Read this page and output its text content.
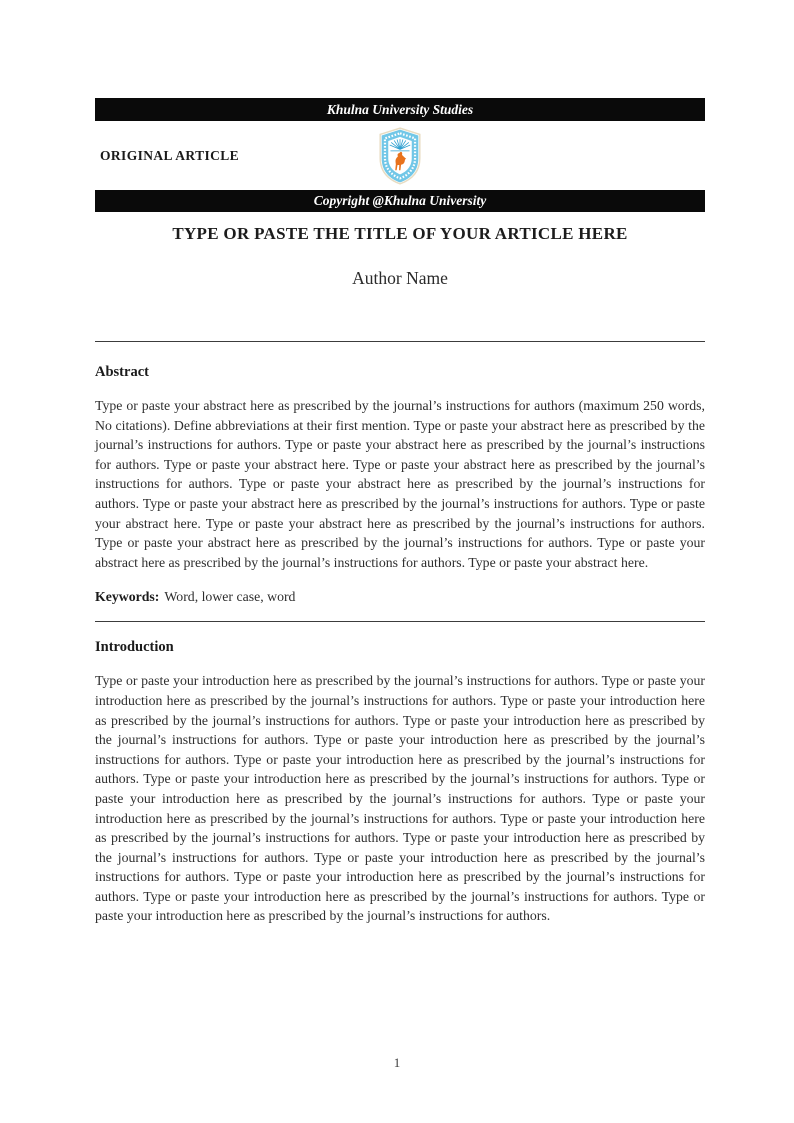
Khulna University Studies
ORIGINAL ARTICLE
Copyright @Khulna University
TYPE OR PASTE THE TITLE OF YOUR ARTICLE HERE
Author Name
Abstract

Type or paste your abstract here as prescribed by the journal’s instructions for authors (maximum 250 words, No citations). Define abbreviations at their first mention. Type or paste your abstract here as prescribed by the journal’s instructions for authors. Type or paste your abstract here as prescribed by the journal’s instructions for authors. Type or paste your abstract here. Type or paste your abstract here as prescribed by the journal’s instructions for authors. Type or paste your abstract here as prescribed by the journal’s instructions for authors. Type or paste your abstract here as prescribed by the journal’s instructions for authors. Type or paste your abstract here. Type or paste your abstract here as prescribed by the journal’s instructions for authors. Type or paste your abstract here as prescribed by the journal’s instructions for authors. Type or paste your abstract here as prescribed by the journal’s instructions for authors. Type or paste your abstract here.

Keywords: Word, lower case, word

Introduction

Type or paste your introduction here as prescribed by the journal’s instructions for authors. Type or paste your introduction here as prescribed by the journal’s instructions for authors. Type or paste your introduction here as prescribed by the journal’s instructions for authors. Type or paste your introduction here as prescribed by the journal’s instructions for authors. Type or paste your introduction here as prescribed by the journal’s instructions for authors. Type or paste your introduction here as prescribed by the journal’s instructions for authors. Type or paste your introduction here as prescribed by the journal’s instructions for authors. Type or paste your introduction here as prescribed by the journal’s instructions for authors. Type or paste your introduction here as prescribed by the journal’s instructions for authors. Type or paste your introduction here as prescribed by the journal’s instructions for authors. Type or paste your introduction here as prescribed by the journal’s instructions for authors. Type or paste your introduction here as prescribed by the journal’s instructions for authors. Type or paste your introduction here as prescribed by the journal’s instructions for authors. Type or paste your introduction here as prescribed by the journal’s instructions for authors. Type or paste your introduction here as prescribed by the journal’s instructions for authors.

1
